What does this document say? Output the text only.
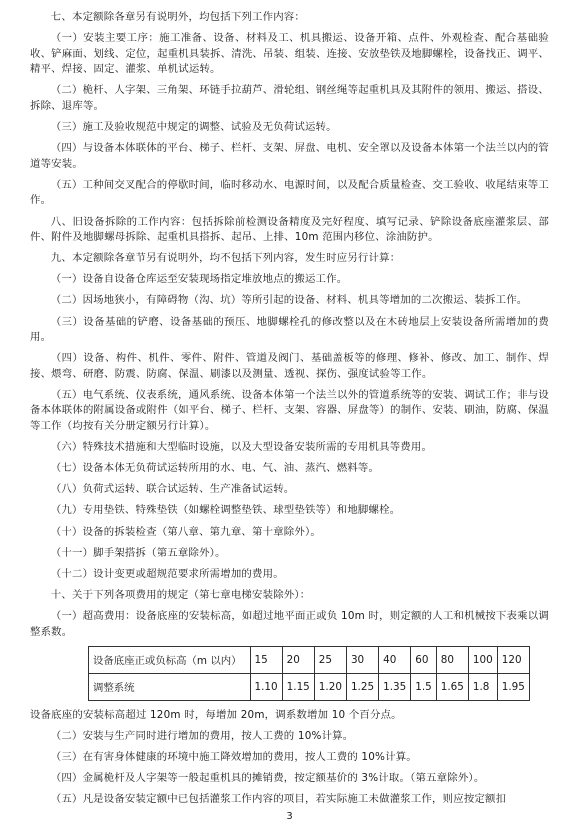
七、本定额除各章另有说明外，均包括下列工作内容：

（一）安装主要工序：施工准备、设备、材料及工、机具搬运、设备开箱、点件、外观检查、配合基础验收、铲麻面、划线、定位，起重机具装拆、清洗、吊装、组装、连接、安放垫铁及地脚螺栓，设备找正、调平、精平、焊接、固定、灌浆、单机试运转。

（二）桅杆、人字架、三角架、环链手拉葫芦、滑轮组、钢丝绳等起重机具及其附件的领用、搬运、搭设、拆除、退库等。

（三）施工及验收规范中规定的调整、试验及无负荷试运转。

（四）与设备本体联体的平台、梯子、栏杆、支架、屏盘、电机、安全罩以及设备本体第一个法兰以内的管道等安装。

（五）工种间交叉配合的停歇时间，临时移动水、电源时间，以及配合质量检查、交工验收、收尾结束等工作。

八、旧设备拆除的工作内容：包括拆除前检测设备精度及完好程度、填写记录、铲除设备底座灌浆层、部件、附件及地脚螺母拆除、起重机具搭拆、起吊、上排、10m 范围内移位、涂油防护。

九、本定额除各章节另有说明外，均不包括下列内容，发生时应另行计算：

（一）设备自设备仓库运至安装现场指定堆放地点的搬运工作。

（二）因场地狭小，有障碍物（沟、坑）等所引起的设备、材料、机具等增加的二次搬运、装拆工作。

（三）设备基础的铲磨、设备基础的预压、地脚螺栓孔的修改整以及在木砖地层上安装设备所需增加的费用。

（四）设备、构件、机件、零件、附件、管道及阀门、基础盖板等的修理、修补、修改、加工、制作、焊接、煨弯、研磨、防震、防腐、保温、刷漆以及测量、透视、探伤、强度试验等工作。

（五）电气系统、仪表系统，通风系统、设备本体第一个法兰以外的管道系统等的安装、调试工作；非与设备本体联体的附属设备或附件（如平台、梯子、栏杆、支架、容器、屏盘等）的制作、安装、刷油，防腐、保温等工作（均按有关分册定额另行计算）。

（六）特殊技术措施和大型临时设施，以及大型设备安装所需的专用机具等费用。

（七）设备本体无负荷试运转所用的水、电、气、油、蒸汽、燃料等。

（八）负荷式运转、联合试运转、生产准备试运转。

（九）专用垫铁、特殊垫铁（如螺栓调整垫铁、球型垫铁等）和地脚螺栓。

（十）设备的拆装检查（第八章、第九章、第十章除外）。

（十一）脚手架搭拆（第五章除外）。

（十二）设计变更或超规范要求所需增加的费用。

十、关于下列各项费用的规定（第七章电梯安装除外）：

（一）超高费用：设备底座的安装标高，如超过地平面正或负 10m 时，则定额的人工和机械按下表乘以调整系数。

设备底座正或负标高（m 以内）	15	20	25	30	40	60	80	100	120
调整系统	1.10	1.15	1.20	1.25	1.35	1.5	1.65	1.8	1.95

设备底座的安装标高超过 120m 时，每增加 20m，调系数增加 10 个百分点。

（二）安装与生产同时进行增加的费用，按人工费的 10%计算。

（三）在有害身体健康的环境中施工降效增加的费用，按人工费的 10%计算。

（四）金属桅杆及人字架等一般起重机具的摊销费，按定额基价的 3%计取。（第五章除外）。

（五）凡是设备安装定额中已包括灌浆工作内容的项目，若实际施工未做灌浆工作，则应按定额扣

3
